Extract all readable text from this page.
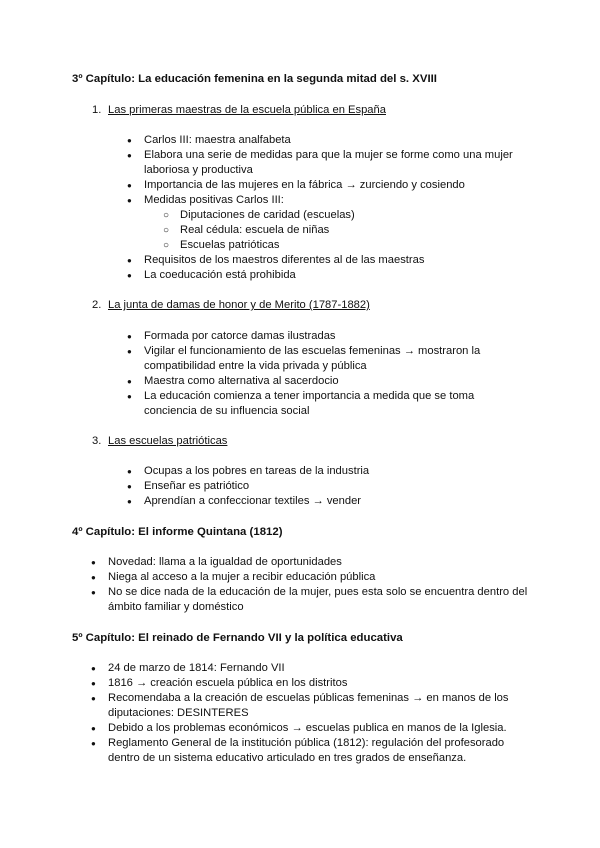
3º Capítulo: La educación femenina en la segunda mitad del s. XVIII
1. Las primeras maestras de la escuela pública en España
● Carlos III: maestra analfabeta
● Elabora una serie de medidas para que la mujer se forme como una mujer laboriosa y productiva
● Importancia de las mujeres en la fábrica → zurciendo y cosiendo
● Medidas positivas Carlos III:
○ Diputaciones de caridad (escuelas)
○ Real cédula: escuela de niñas
○ Escuelas patrióticas
● Requisitos de los maestros diferentes al de las maestras
● La coeducación está prohibida
2. La junta de damas de honor y de Merito (1787-1882)
● Formada por catorce damas ilustradas
● Vigilar el funcionamiento de las escuelas femeninas → mostraron la compatibilidad entre la vida privada y pública
● Maestra como alternativa al sacerdocio
● La educación comienza a tener importancia a medida que se toma conciencia de su influencia social
3. Las escuelas patrióticas
● Ocupas a los pobres en tareas de la industria
● Enseñar es patriótico
● Aprendían a confeccionar textiles → vender
4º Capítulo: El informe Quintana (1812)
● Novedad: llama a la igualdad de oportunidades
● Niega al acceso a la mujer a recibir educación pública
● No se dice nada de la educación de la mujer, pues esta solo se encuentra dentro del ámbito familiar y doméstico
5º Capítulo: El reinado de Fernando VII y la política educativa
● 24 de marzo de 1814: Fernando VII
● 1816 → creación escuela pública en los distritos
● Recomendaba a la creación de escuelas públicas femeninas → en manos de los diputaciones: DESINTERES
● Debido a los problemas económicos → escuelas publica en manos de la Iglesia.
● Reglamento General de la institución pública (1812): regulación del profesorado dentro de un sistema educativo articulado en tres grados de enseñanza.
